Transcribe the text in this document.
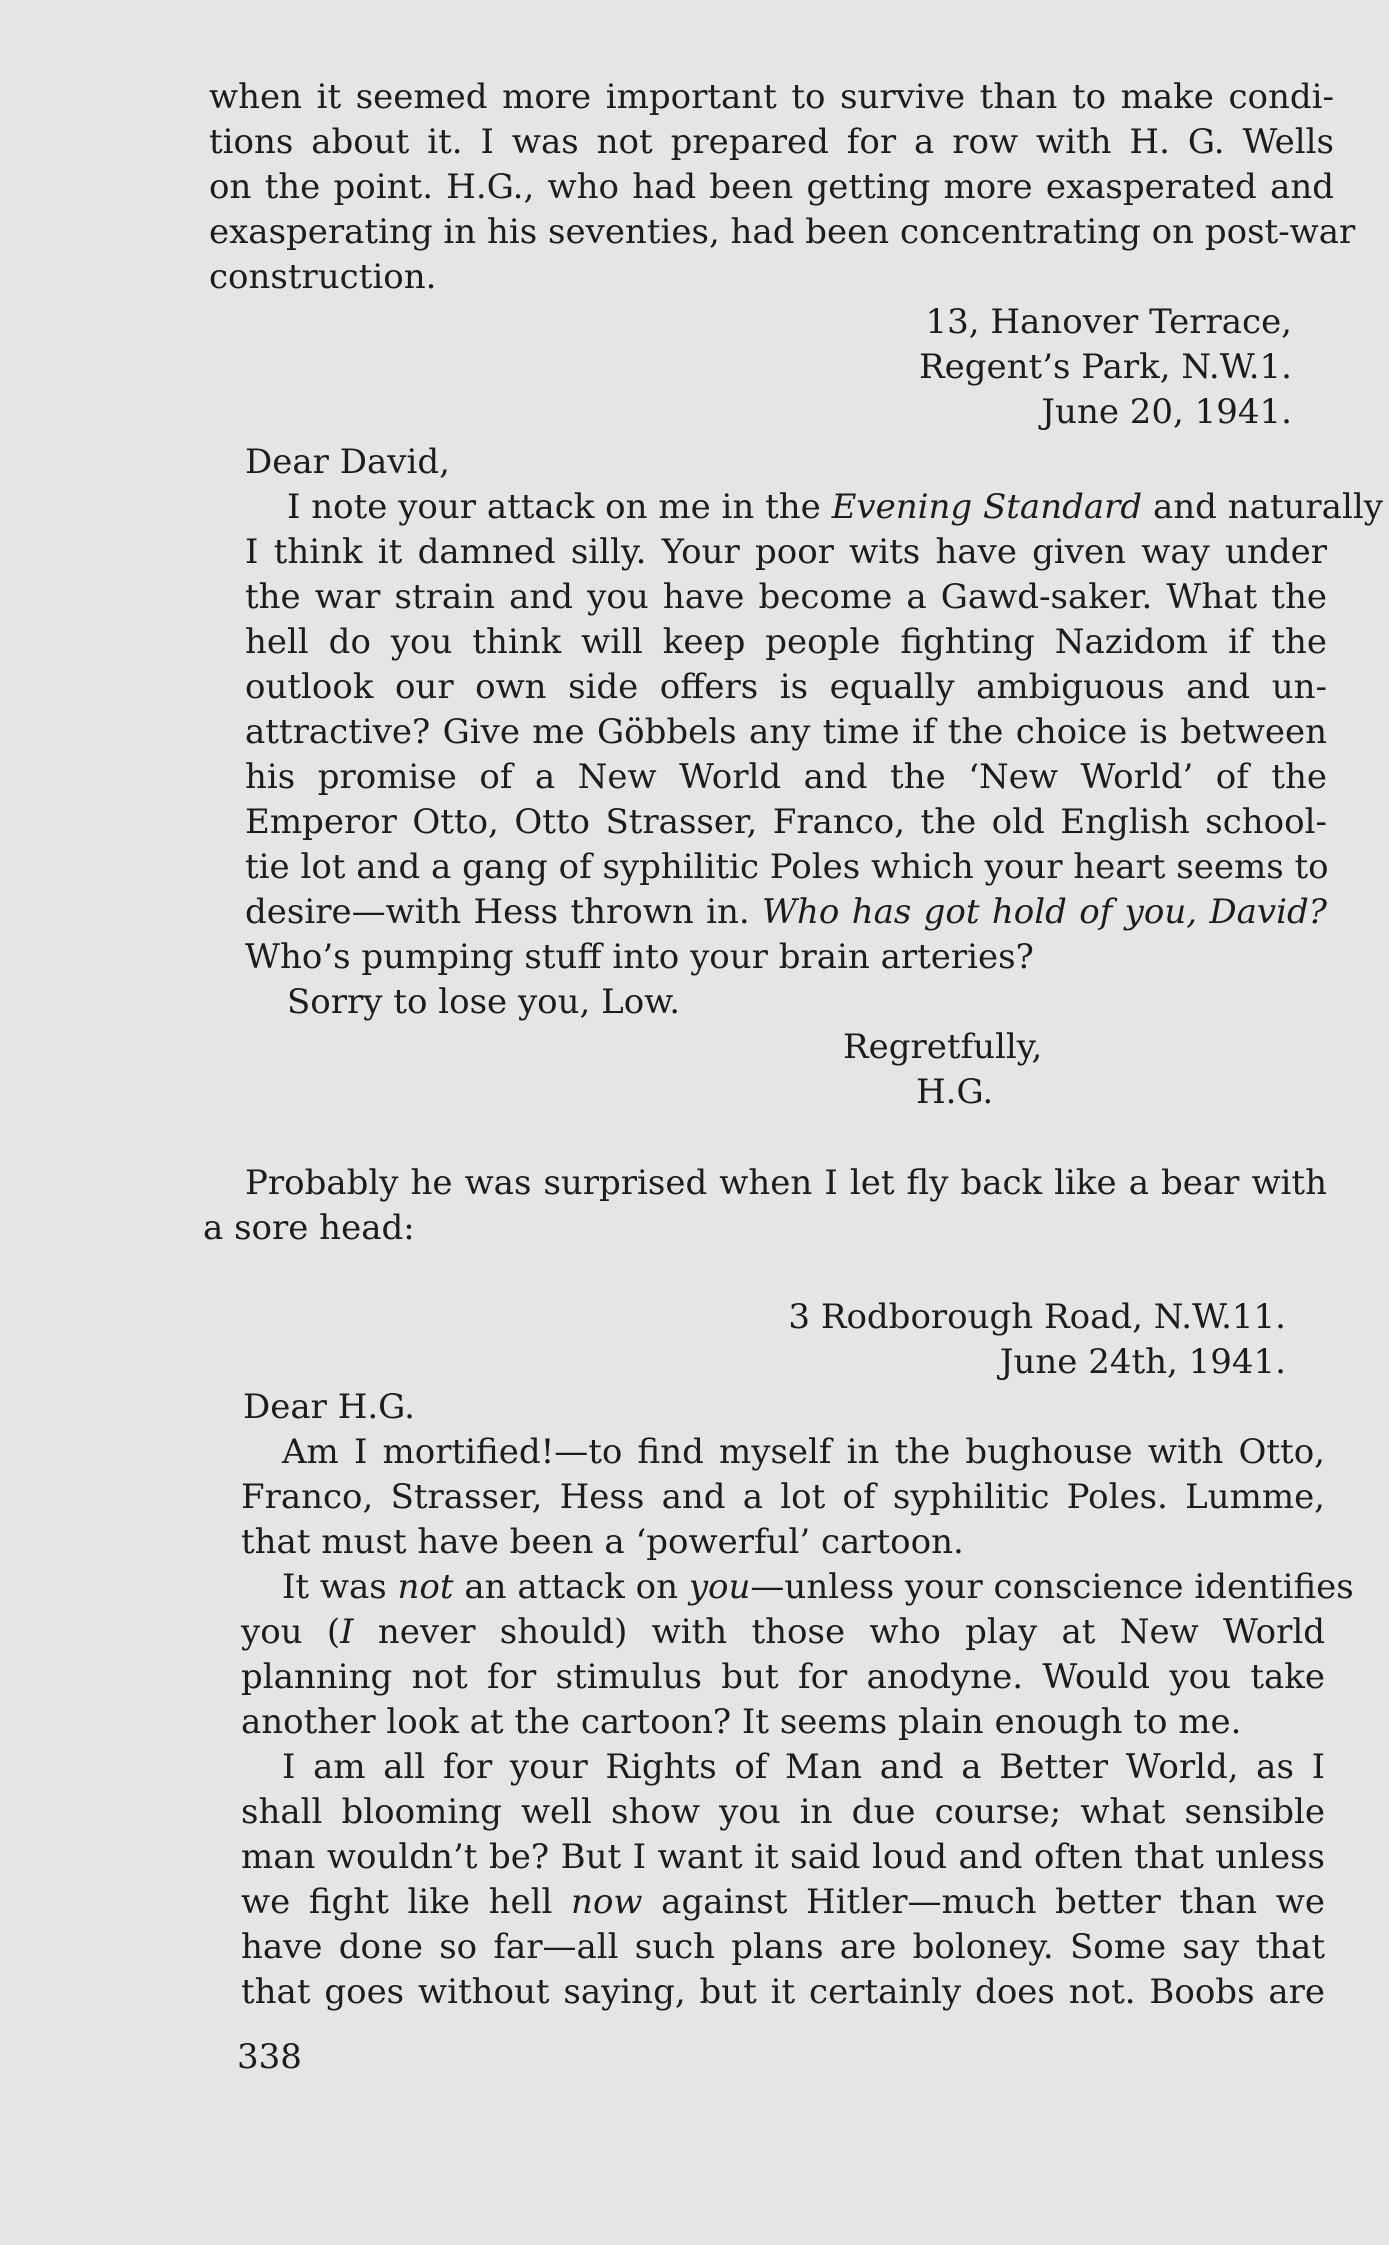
when it seemed more important to survive than to make condi-
tions about it. I was not prepared for a row with H. G. Wells
on the point. H.G., who had been getting more exasperated and
exasperating in his seventies, had been concentrating on post-war
construction.
13, Hanover Terrace,
Regent’s Park, N.W.1.
June 20, 1941.
Dear David,
I note your attack on me in the Evening Standard and naturally
I think it damned silly. Your poor wits have given way under
the war strain and you have become a Gawd-saker. What the
hell do you think will keep people fighting Nazidom if the
outlook our own side offers is equally ambiguous and un-
attractive? Give me Göbbels any time if the choice is between
his promise of a New World and the ‘New World’ of the
Emperor Otto, Otto Strasser, Franco, the old English school-
tie lot and a gang of syphilitic Poles which your heart seems to
desire—with Hess thrown in. Who has got hold of you, David?
Who’s pumping stuff into your brain arteries?
Sorry to lose you, Low.
Regretfully,
H.G.
Probably he was surprised when I let fly back like a bear with
a sore head:
3 Rodborough Road, N.W.11.
June 24th, 1941.
Dear H.G.
Am I mortified!—to find myself in the bughouse with Otto,
Franco, Strasser, Hess and a lot of syphilitic Poles. Lumme,
that must have been a ‘powerful’ cartoon.
It was not an attack on you—unless your conscience identifies
you (I never should) with those who play at New World
planning not for stimulus but for anodyne. Would you take
another look at the cartoon? It seems plain enough to me.
I am all for your Rights of Man and a Better World, as I
shall blooming well show you in due course; what sensible
man wouldn’t be? But I want it said loud and often that unless
we fight like hell now against Hitler—much better than we
have done so far—all such plans are boloney. Some say that
that goes without saying, but it certainly does not. Boobs are
338
